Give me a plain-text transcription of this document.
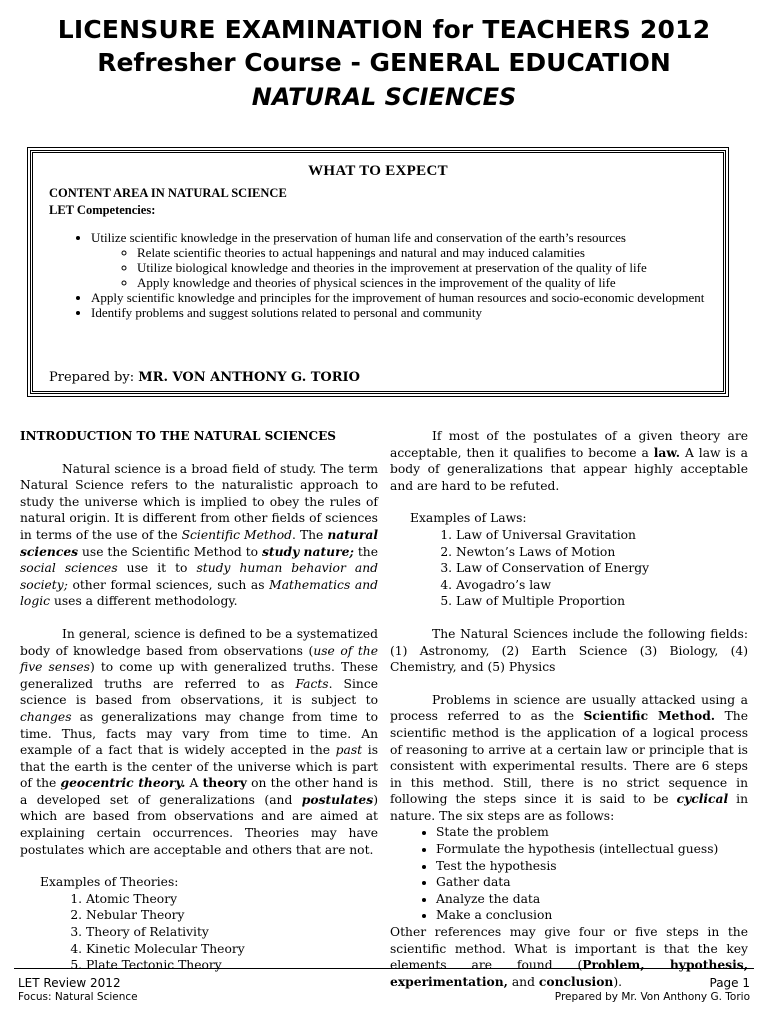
LICENSURE EXAMINATION for TEACHERS 2012
Refresher Course - GENERAL EDUCATION
NATURAL SCIENCES
WHAT TO EXPECT
CONTENT AREA IN NATURAL SCIENCE
LET Competencies:
• Utilize scientific knowledge in the preservation of human life and conservation of the earth’s resources
◦ Relate scientific theories to actual happenings and natural and may induced calamities
◦ Utilize biological knowledge and theories in the improvement at preservation of the quality of life
◦ Apply knowledge and theories of physical sciences in the improvement of the quality of life
• Apply scientific knowledge and principles for the improvement of human resources and socio-economic development
• Identify problems and suggest solutions related to personal and community
Prepared by: MR. VON ANTHONY G. TORIO
INTRODUCTION TO THE NATURAL SCIENCES

Natural science is a broad field of study. The term Natural Science refers to the naturalistic approach to study the universe which is implied to obey the rules of natural origin. It is different from other fields of sciences in terms of the use of the Scientific Method. The natural sciences use the Scientific Method to study nature; the social sciences use it to study human behavior and society; other formal sciences, such as Mathematics and logic uses a different methodology.

In general, science is defined to be a systematized body of knowledge based from observations (use of the five senses) to come up with generalized truths. These generalized truths are referred to as Facts. Since science is based from observations, it is subject to changes as generalizations may change from time to time. Thus, facts may vary from time to time. An example of a fact that is widely accepted in the past is that the earth is the center of the universe which is part of the geocentric theory. A theory on the other hand is a developed set of generalizations (and postulates) which are based from observations and are aimed at explaining certain occurrences. Theories may have postulates which are acceptable and others that are not.

Examples of Theories:
1. Atomic Theory
2. Nebular Theory
3. Theory of Relativity
4. Kinetic Molecular Theory
5. Plate Tectonic Theory

If most of the postulates of a given theory are acceptable, then it qualifies to become a law. A law is a body of generalizations that appear highly acceptable and are hard to be refuted.

Examples of Laws:
1. Law of Universal Gravitation
2. Newton’s Laws of Motion
3. Law of Conservation of Energy
4. Avogadro’s law
5. Law of Multiple Proportion

The Natural Sciences include the following fields: (1) Astronomy, (2) Earth Science (3) Biology, (4) Chemistry, and (5) Physics

Problems in science are usually attacked using a process referred to as the Scientific Method. The scientific method is the application of a logical process of reasoning to arrive at a certain law or principle that is consistent with experimental results. There are 6 steps in this method. Still, there is no strict sequence in following the steps since it is said to be cyclical in nature. The six steps are as follows:

• State the problem
• Formulate the hypothesis (intellectual guess)
• Test the hypothesis
• Gather data
• Analyze the data
• Make a conclusion

Other references may give four or five steps in the scientific method. What is important is that the key elements are found (Problem, hypothesis, experimentation, and conclusion).

LET Review 2012
Focus: Natural Science
Page 1
Prepared by Mr. Von Anthony G. Torio
